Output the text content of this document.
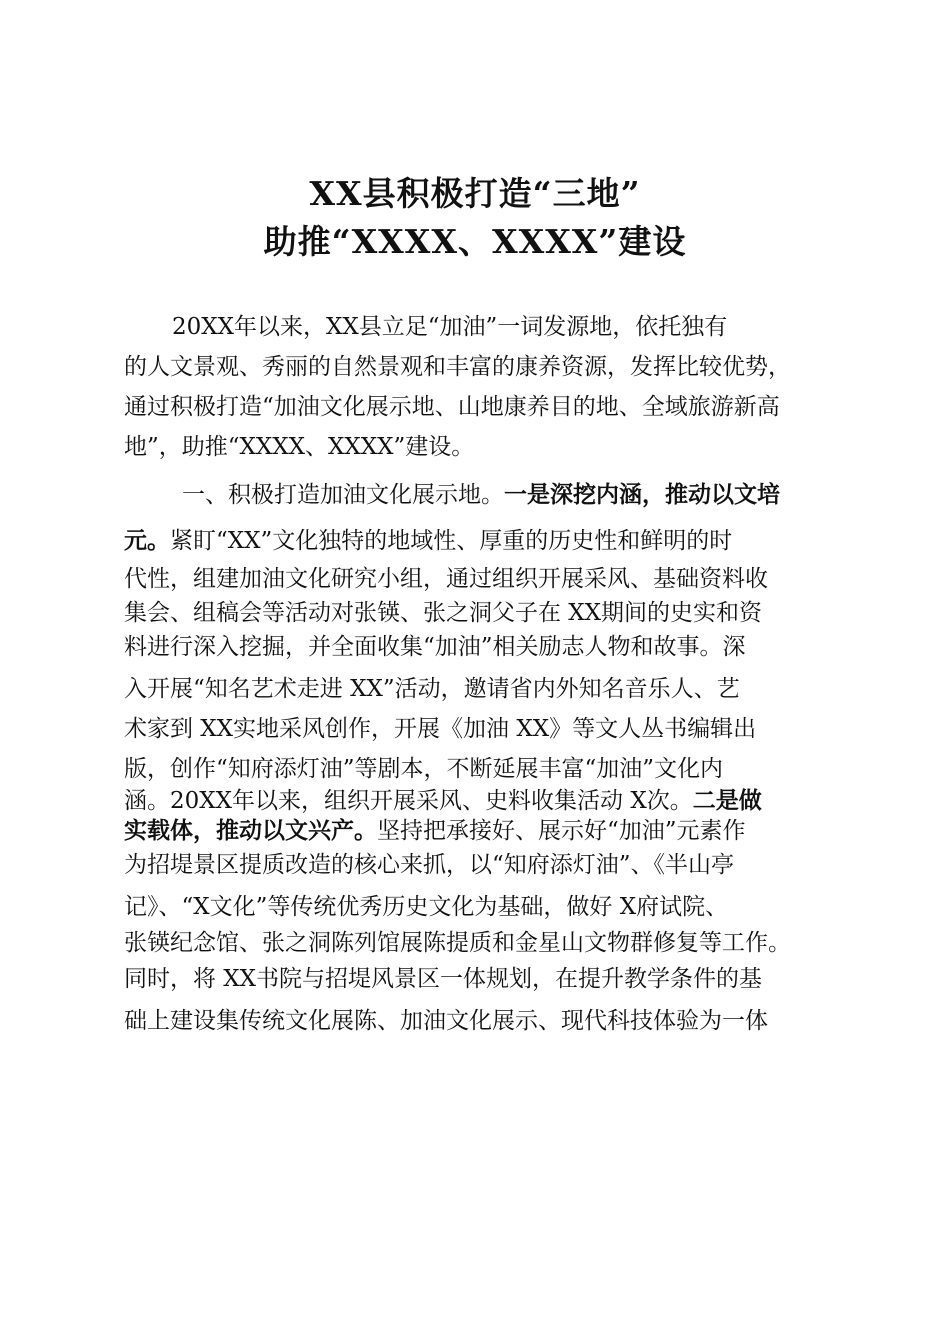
XX县积极打造“三地”
助推“XXXX、XXXX”建设
20XX年以来，XX县立足“加油”一词发源地，依托独有
的人文景观、秀丽的自然景观和丰富的康养资源，发挥比较优势，
通过积极打造“加油文化展示地、山地康养目的地、全域旅游新高
地”，助推“XXXX、XXXX”建设。
一、积极打造加油文化展示地。一是深挖内涵，推动以文培
元。紧盯“XX”文化独特的地域性、厚重的历史性和鲜明的时
代性，组建加油文化研究小组，通过组织开展采风、基础资料收
集会、组稿会等活动对张锳、张之洞父子在 XX期间的史实和资
料进行深入挖掘，并全面收集“加油”相关励志人物和故事。深
入开展“知名艺术走进 XX”活动，邀请省内外知名音乐人、艺
术家到 XX实地采风创作，开展《加油 XX》等文人丛书编辑出
版，创作“知府添灯油”等剧本，不断延展丰富“加油”文化内
涵。20XX年以来，组织开展采风、史料收集活动 X次。二是做
实载体，推动以文兴产。坚持把承接好、展示好“加油”元素作
为招堤景区提质改造的核心来抓，以“知府添灯油”、《半山亭
记》、“X文化”等传统优秀历史文化为基础，做好 X府试院、
张锳纪念馆、张之洞陈列馆展陈提质和金星山文物群修复等工作。
同时，将 XX书院与招堤风景区一体规划，在提升教学条件的基
础上建设集传统文化展陈、加油文化展示、现代科技体验为一体
